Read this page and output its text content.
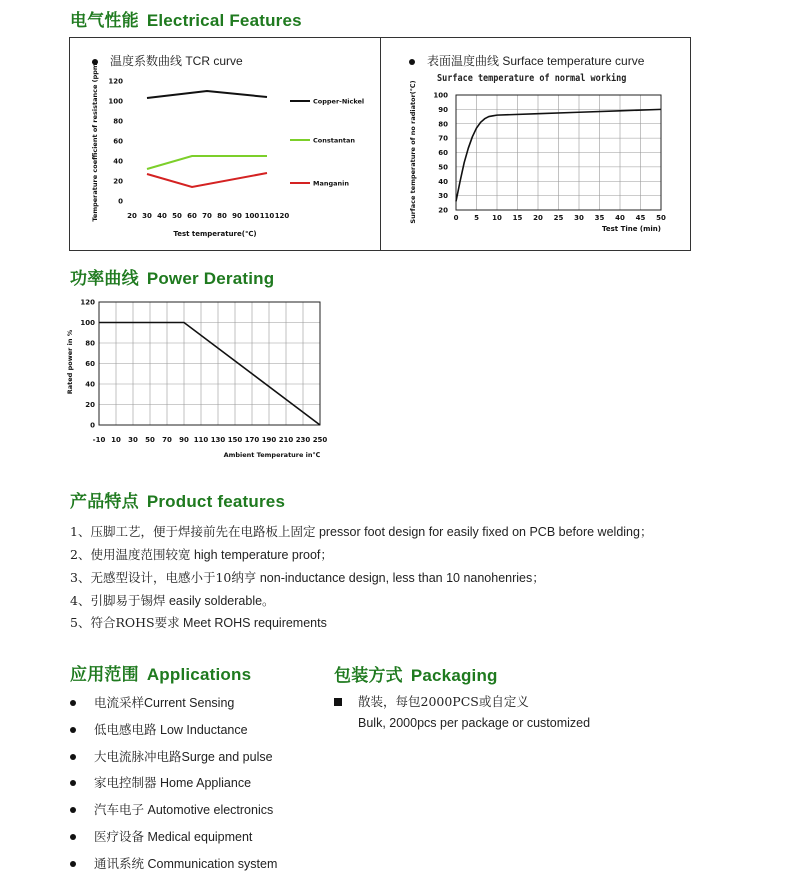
电气性能 Electrical Features
温度系数曲线 TCR curve
0
20
40
60
80
100
120
20 30 40 50 60 70 80 90 100 110 120
Test temperature(℃)
Temperature coefficient of resistance (ppm)	Copper-Nickel
Constantan
Manganin
表面温度曲线 Surface temperature curve
Surface temperature of normal working
20
30
40
50
60
70
80
90
100
0 5 10 15 20 25 30 35 40 45 50
Test Tine (min)
Surface temperature of no radiator(℃)
功率曲线 Power Derating
0
20
40
60
80
100
120
-10 10 30 50 70 90 110 130 150 170 190 210 230 250
Ambient Temperature in℃
Rated power in %
产品特点 Product features
1、压脚工艺，便于焊接前先在电路板上固定 pressor foot design for easily fixed on PCB before welding；
2、使用温度范围较宽 high temperature proof；
3、无感型设计，电感小于10纳亨 non-inductance design, less than 10 nanohenries；
4、引脚易于锡焊 easily solderable。
5、符合ROHS要求 Meet ROHS requirements
应用范围 Applications
电流采样Current Sensing
低电感电路 Low Inductance
大电流脉冲电路Surge and pulse
家电控制器 Home Appliance
汽车电子 Automotive electronics
医疗设备 Medical equipment
通讯系统 Communication system
包装方式 Packaging
散装，每包2000PCS或自定义
Bulk, 2000pcs per package or customized
